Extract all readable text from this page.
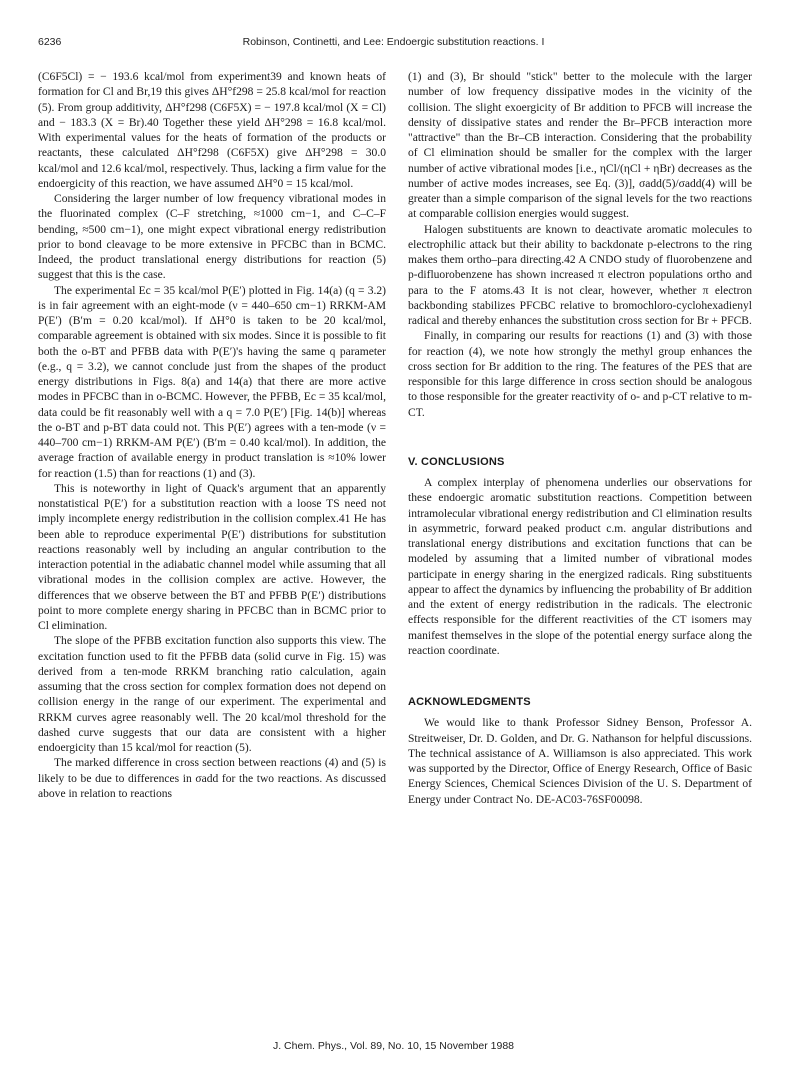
6236	Robinson, Continetti, and Lee: Endoergic substitution reactions. I

(C6F5Cl) = − 193.6 kcal/mol from experiment39 and known heats of formation for Cl and Br,19 this gives ΔH°f298 = 25.8 kcal/mol for reaction (5). From group additivity, ΔH°f298 (C6F5X) = − 197.8 kcal/mol (X = Cl) and − 183.3 (X = Br).40 Together these yield ΔH°298 = 16.8 kcal/mol. With experimental values for the heats of formation of the products or reactants, these calculated ΔH°f298 (C6F5X) give ΔH°298 = 30.0 kcal/mol and 12.6 kcal/mol, respectively. Thus, lacking a firm value for the endoergicity of this reaction, we have assumed ΔH°0 = 15 kcal/mol.

Considering the larger number of low frequency vibrational modes in the fluorinated complex (C–F stretching, ≈1000 cm−1, and C–C–F bending, ≈500 cm−1), one might expect vibrational energy redistribution prior to bond cleavage to be more extensive in PFCBC than in BCMC. Indeed, the product translational energy distributions for reaction (5) suggest that this is the case.

The experimental Ec = 35 kcal/mol P(E′) plotted in Fig. 14(a) (q = 3.2) is in fair agreement with an eight-mode (ν = 440–650 cm−1) RRKM-AM P(E′) (B′m = 0.20 kcal/mol). If ΔH°0 is taken to be 20 kcal/mol, comparable agreement is obtained with six modes. Since it is possible to fit both the o-BT and PFBB data with P(E′)'s having the same q parameter (e.g., q = 3.2), we cannot conclude just from the shapes of the product energy distributions in Figs. 8(a) and 14(a) that there are more active modes in PFCBC than in o-BCMC. However, the PFBB, Ec = 35 kcal/mol, data could be fit reasonably well with a q = 7.0 P(E′) [Fig. 14(b)] whereas the o-BT and p-BT data could not. This P(E′) agrees with a ten-mode (ν = 440–700 cm−1) RRKM-AM P(E′) (B′m = 0.40 kcal/mol). In addition, the average fraction of available energy in product translation is ≈10% lower for reaction (1.5) than for reactions (1) and (3).

This is noteworthy in light of Quack's argument that an apparently nonstatistical P(E′) for a substitution reaction with a loose TS need not imply incomplete energy redistribution in the collision complex.41 He has been able to reproduce experimental P(E′) distributions for substitution reactions reasonably well by including an angular contribution to the interaction potential in the adiabatic channel model while assuming that all vibrational modes in the collision complex are active. However, the differences that we observe between the BT and PFBB P(E′) distributions point to more complete energy sharing in PFCBC than in BCMC prior to Cl elimination.

The slope of the PFBB excitation function also supports this view. The excitation function used to fit the PFBB data (solid curve in Fig. 15) was derived from a ten-mode RRKM branching ratio calculation, again assuming that the cross section for complex formation does not depend on collision energy in the range of our experiment. The experimental and RRKM curves agree reasonably well. The 20 kcal/mol threshold for the dashed curve suggests that our data are consistent with a higher endoergicity than 15 kcal/mol for reaction (5).

The marked difference in cross section between reactions (4) and (5) is likely to be due to differences in σadd for the two reactions. As discussed above in relation to reactions

(1) and (3), Br should "stick" better to the molecule with the larger number of low frequency dissipative modes in the vicinity of the collision. The slight exoergicity of Br addition to PFCB will increase the density of dissipative states and render the Br–PFCB interaction more "attractive" than the Br–CB interaction. Considering that the probability of Cl elimination should be smaller for the complex with the larger number of active vibrational modes [i.e., ηCl/(ηCl + ηBr) decreases as the number of active modes increases, see Eq. (3)], σadd(5)/σadd(4) will be greater than a simple comparison of the signal levels for the two reactions at comparable collision energies would suggest.

Halogen substituents are known to deactivate aromatic molecules to electrophilic attack but their ability to backdonate p-electrons to the ring makes them ortho–para directing.42 A CNDO study of fluorobenzene and p-difluorobenzene has shown increased π electron populations ortho and para to the F atoms.43 It is not clear, however, whether π electron backbonding stabilizes PFCBC relative to bromochloro-cyclohexadienyl radical and thereby enhances the substitution cross section for Br + PFCB.

Finally, in comparing our results for reactions (1) and (3) with those for reaction (4), we note how strongly the methyl group enhances the cross section for Br addition to the ring. The features of the PES that are responsible for this large difference in cross section should be analogous to those responsible for the greater reactivity of o- and p-CT relative to m-CT.

V. CONCLUSIONS

A complex interplay of phenomena underlies our observations for these endoergic aromatic substitution reactions. Competition between intramolecular vibrational energy redistribution and Cl elimination results in asymmetric, forward peaked product c.m. angular distributions and translational energy distributions and excitation functions that can be modeled by assuming that a limited number of vibrational modes participate in energy sharing in the energized radicals. Ring substituents appear to affect the dynamics by influencing the probability of Br addition and the extent of energy redistribution in the radicals. The electronic effects responsible for the different reactivities of the CT isomers may manifest themselves in the slope of the potential energy surface along the reaction coordinate.

ACKNOWLEDGMENTS

We would like to thank Professor Sidney Benson, Professor A. Streitweiser, Dr. D. Golden, and Dr. G. Nathanson for helpful discussions. The technical assistance of A. Williamson is also appreciated. This work was supported by the Director, Office of Energy Research, Office of Basic Energy Sciences, Chemical Sciences Division of the U. S. Department of Energy under Contract No. DE-AC03-76SF00098.

J. Chem. Phys., Vol. 89, No. 10, 15 November 1988
